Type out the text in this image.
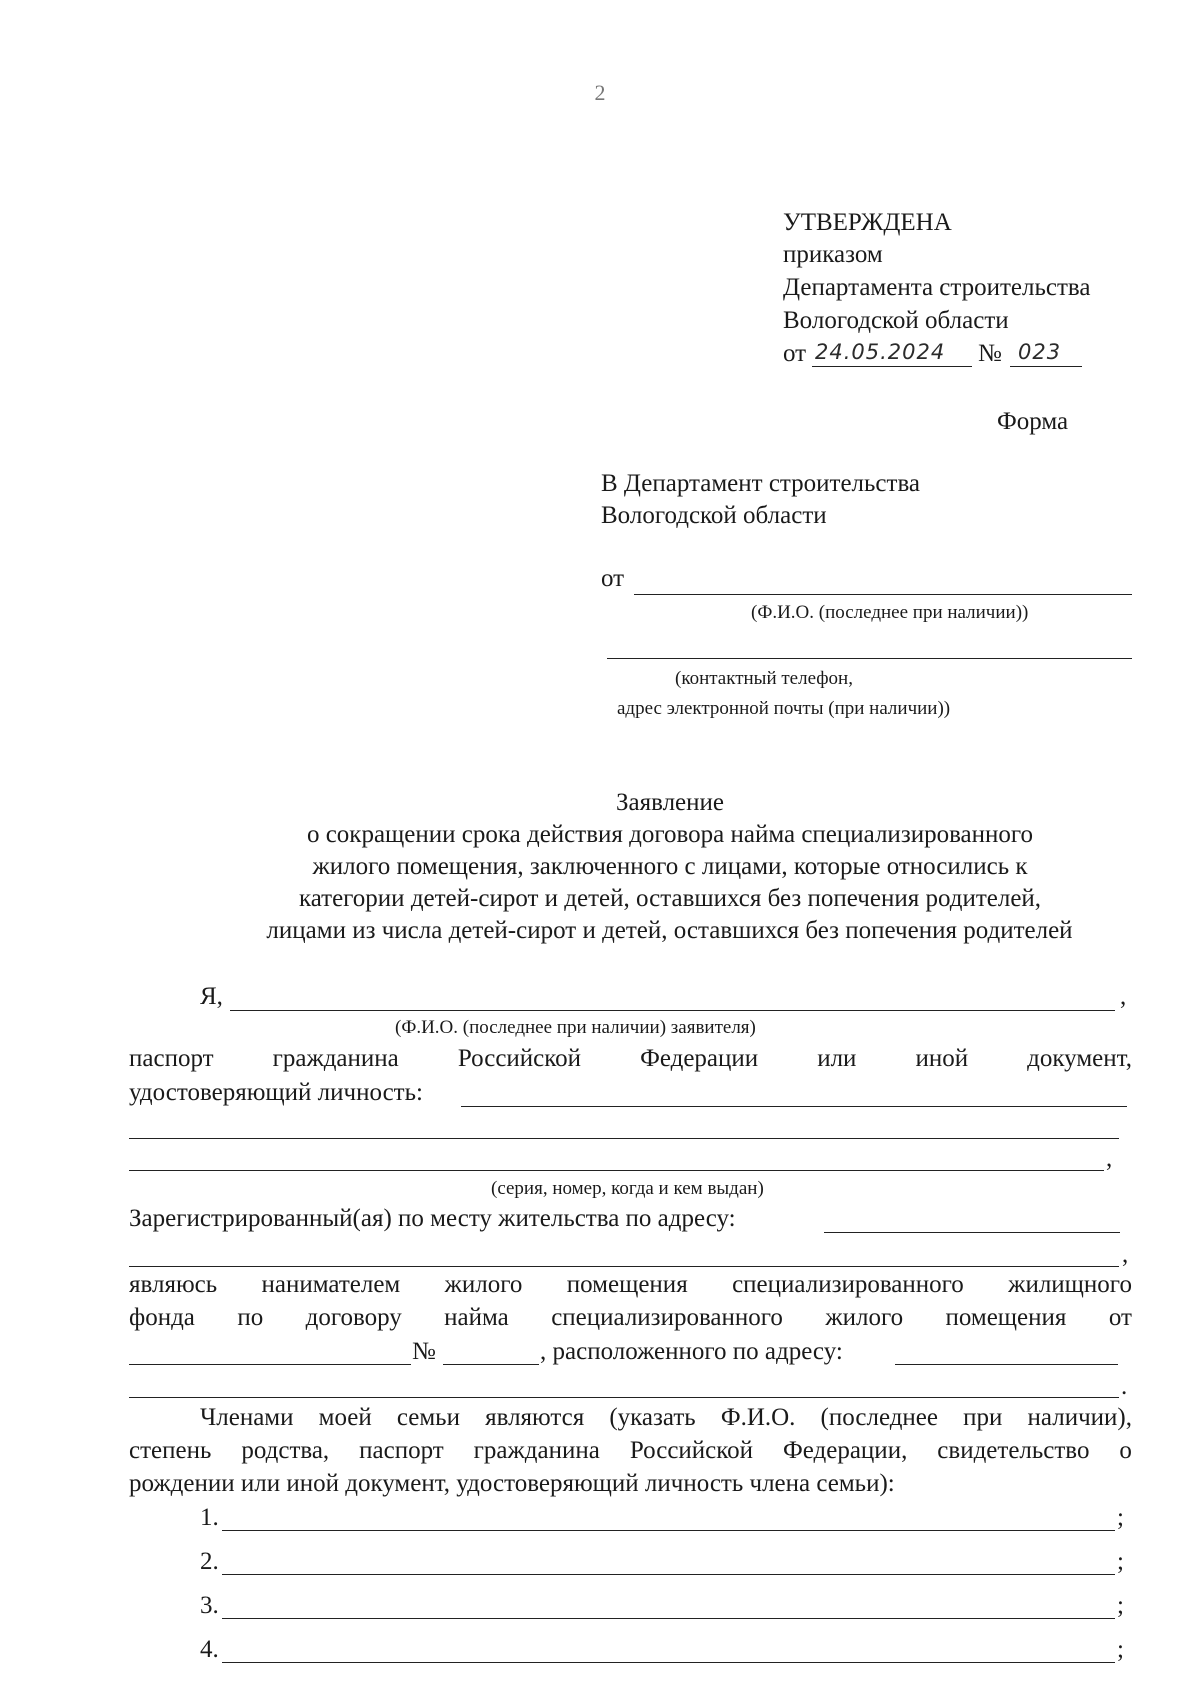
2
УТВЕРЖДЕНА
приказом
Департамента строительства
Вологодской области
от 24.05.2024 № 023
Форма
В Департамент строительства
Вологодской области
от
(Ф.И.О. (последнее при наличии))
(контактный телефон,
адрес электронной почты (при наличии))
Заявление
о сокращении срока действия договора найма специализированного
жилого помещения, заключенного с лицами, которые относились к
категории детей-сирот и детей, оставшихся без попечения родителей,
лицами из числа детей-сирот и детей, оставшихся без попечения родителей
Я,	,
(Ф.И.О. (последнее при наличии) заявителя)
паспорт гражданина Российской Федерации или иной документ,
удостоверяющий личность:
,
(серия, номер, когда и кем выдан)
Зарегистрированный(ая) по месту жительства по адресу:
,
являюсь нанимателем жилого помещения специализированного жилищного
фонда по договору найма специализированного жилого помещения от
№	, расположенного по адресу:
.
Членами моей семьи являются (указать Ф.И.О. (последнее при наличии),
степень родства, паспорт гражданина Российской Федерации, свидетельство о
рождении или иной документ, удостоверяющий личность члена семьи):
1.	;
2.	;
3.	;
4.	;
